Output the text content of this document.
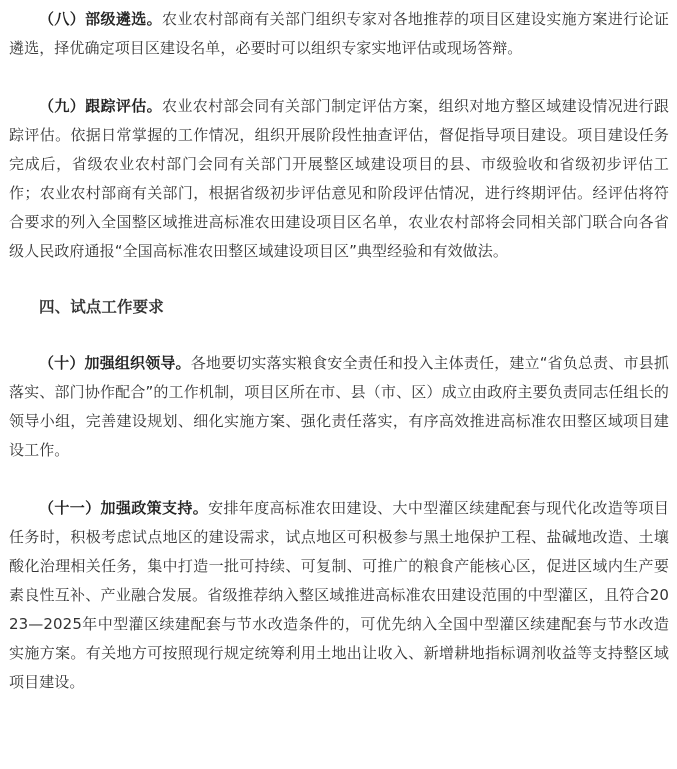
（八）部级遴选。农业农村部商有关部门组织专家对各地推荐的项目区建设实施方案进行论证遴选，择优确定项目区建设名单，必要时可以组织专家实地评估或现场答辩。

（九）跟踪评估。农业农村部会同有关部门制定评估方案，组织对地方整区域建设情况进行跟踪评估。依据日常掌握的工作情况，组织开展阶段性抽查评估，督促指导项目建设。项目建设任务完成后，省级农业农村部门会同有关部门开展整区域建设项目的县、市级验收和省级初步评估工作；农业农村部商有关部门，根据省级初步评估意见和阶段评估情况，进行终期评估。经评估将符合要求的列入全国整区域推进高标准农田建设项目区名单，农业农村部将会同相关部门联合向各省级人民政府通报“全国高标准农田整区域建设项目区”典型经验和有效做法。

四、试点工作要求

（十）加强组织领导。各地要切实落实粮食安全责任和投入主体责任，建立“省负总责、市县抓落实、部门协作配合”的工作机制，项目区所在市、县（市、区）成立由政府主要负责同志任组长的领导小组，完善建设规划、细化实施方案、强化责任落实，有序高效推进高标准农田整区域项目建设工作。

（十一）加强政策支持。安排年度高标准农田建设、大中型灌区续建配套与现代化改造等项目任务时，积极考虑试点地区的建设需求，试点地区可积极参与黑土地保护工程、盐碱地改造、土壤酸化治理相关任务，集中打造一批可持续、可复制、可推广的粮食产能核心区，促进区域内生产要素良性互补、产业融合发展。省级推荐纳入整区域推进高标准农田建设范围的中型灌区，且符合2023—2025年中型灌区续建配套与节水改造条件的，可优先纳入全国中型灌区续建配套与节水改造实施方案。有关地方可按照现行规定统筹利用土地出让收入、新增耕地指标调剂收益等支持整区域项目建设。
